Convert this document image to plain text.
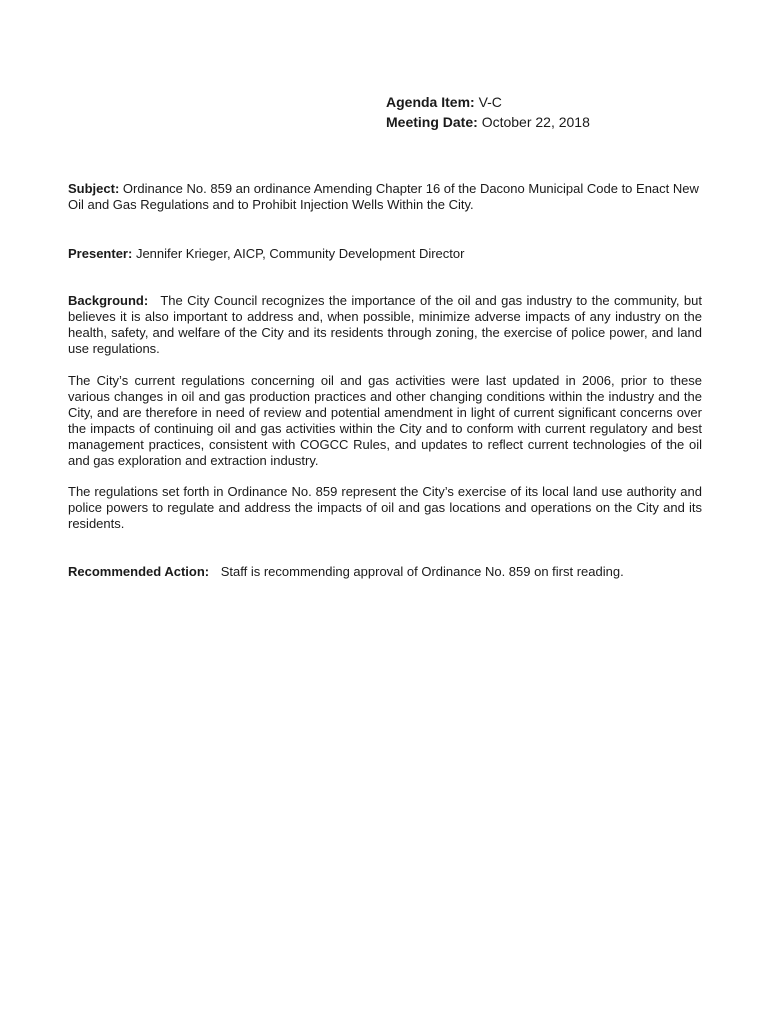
Agenda Item: V-C
Meeting Date: October 22, 2018
Subject: Ordinance No. 859 an ordinance Amending Chapter 16 of the Dacono Municipal Code to Enact New Oil and Gas Regulations and to Prohibit Injection Wells Within the City.
Presenter: Jennifer Krieger, AICP, Community Development Director
Background: The City Council recognizes the importance of the oil and gas industry to the community, but believes it is also important to address and, when possible, minimize adverse impacts of any industry on the health, safety, and welfare of the City and its residents through zoning, the exercise of police power, and land use regulations.
The City’s current regulations concerning oil and gas activities were last updated in 2006, prior to these various changes in oil and gas production practices and other changing conditions within the industry and the City, and are therefore in need of review and potential amendment in light of current significant concerns over the impacts of continuing oil and gas activities within the City and to conform with current regulatory and best management practices, consistent with COGCC Rules, and updates to reflect current technologies of the oil and gas exploration and extraction industry.
The regulations set forth in Ordinance No. 859 represent the City’s exercise of its local land use authority and police powers to regulate and address the impacts of oil and gas locations and operations on the City and its residents.
Recommended Action: Staff is recommending approval of Ordinance No. 859 on first reading.
